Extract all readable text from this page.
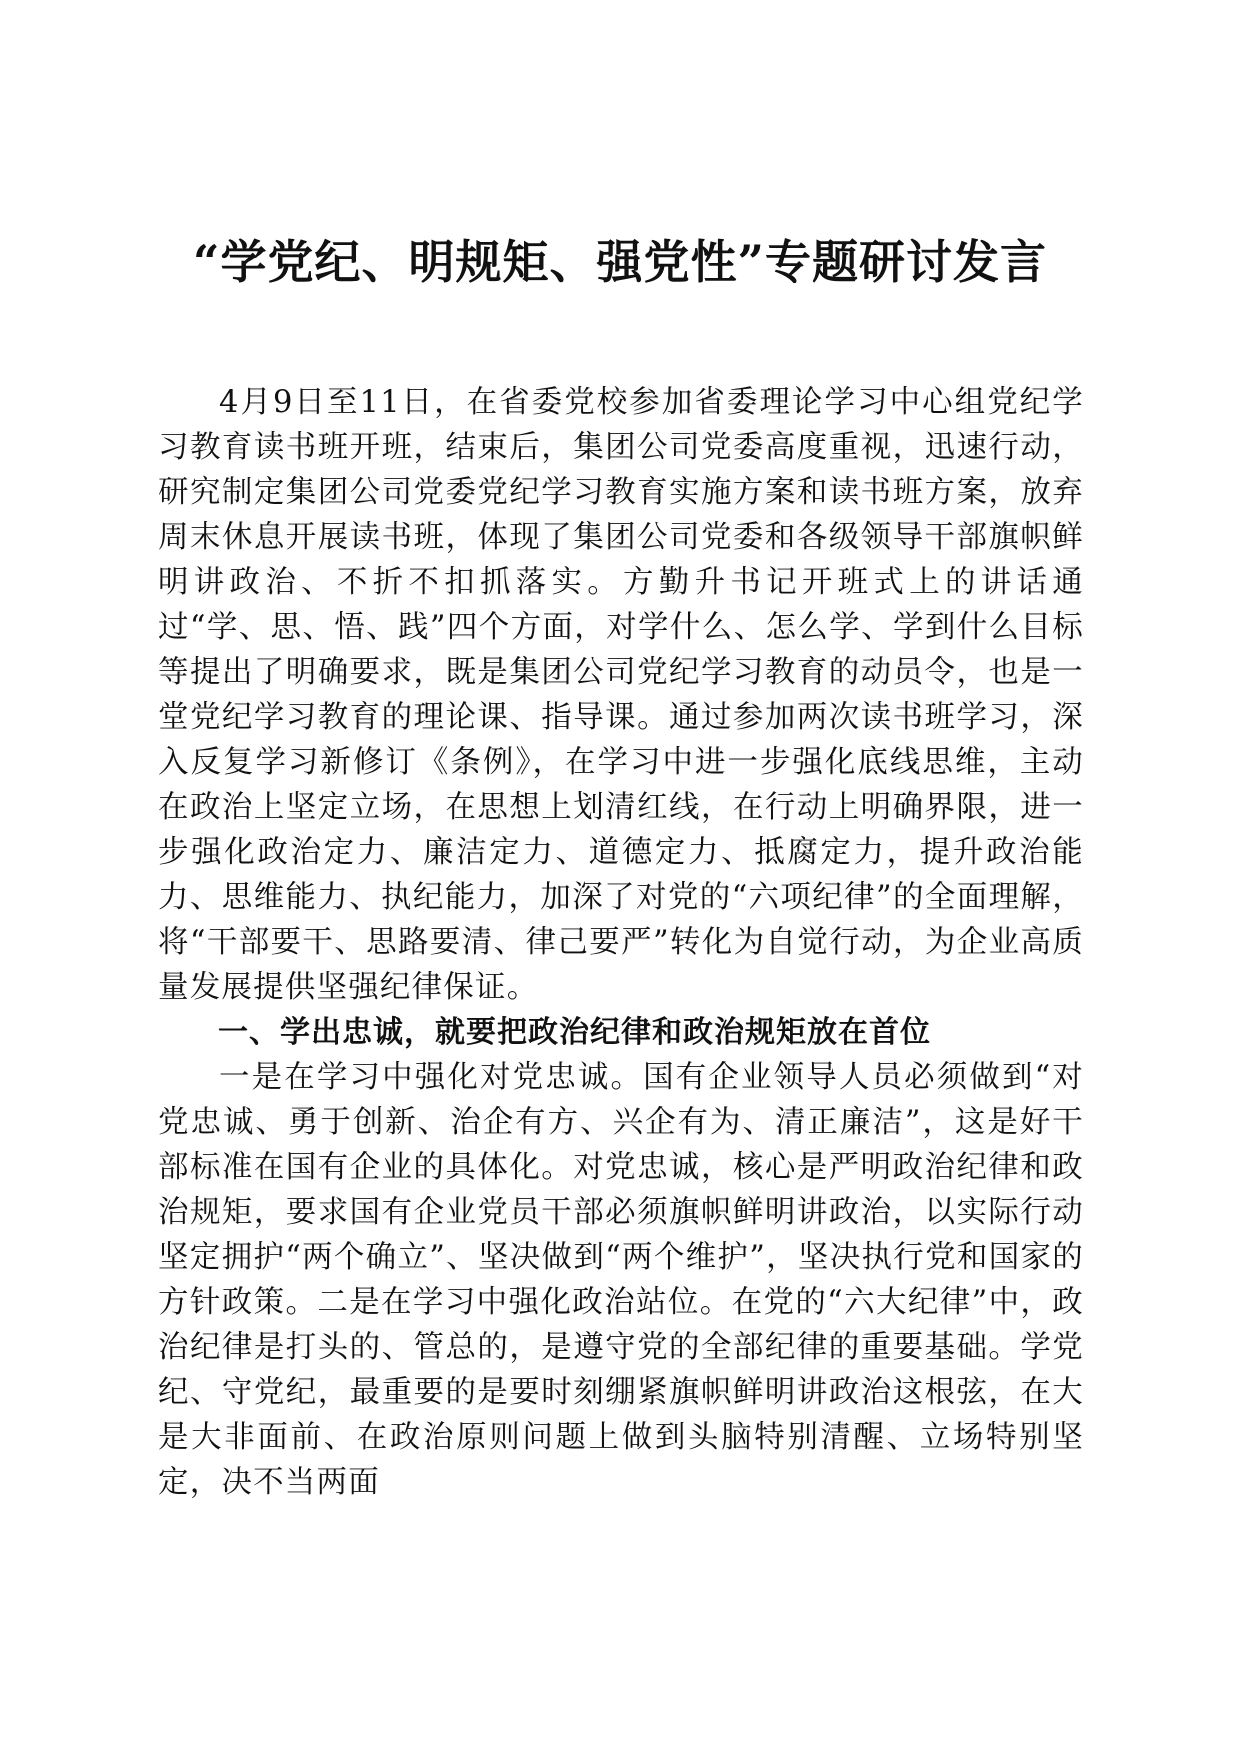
“学党纪、明规矩、强党性”专题研讨发言

4月9日至11日，在省委党校参加省委理论学习中心组党纪学习教育读书班开班，结束后，集团公司党委高度重视，迅速行动，研究制定集团公司党委党纪学习教育实施方案和读书班方案，放弃周末休息开展读书班，体现了集团公司党委和各级领导干部旗帜鲜明讲政治、不折不扣抓落实。方勤升书记开班式上的讲话通过“学、思、悟、践”四个方面，对学什么、怎么学、学到什么目标等提出了明确要求，既是集团公司党纪学习教育的动员令，也是一堂党纪学习教育的理论课、指导课。通过参加两次读书班学习，深入反复学习新修订《条例》，在学习中进一步强化底线思维，主动在政治上坚定立场，在思想上划清红线，在行动上明确界限，进一步强化政治定力、廉洁定力、道德定力、抵腐定力，提升政治能力、思维能力、执纪能力，加深了对党的“六项纪律”的全面理解，将“干部要干、思路要清、律己要严”转化为自觉行动，为企业高质量发展提供坚强纪律保证。

一、学出忠诚，就要把政治纪律和政治规矩放在首位

一是在学习中强化对党忠诚。国有企业领导人员必须做到“对党忠诚、勇于创新、治企有方、兴企有为、清正廉洁”，这是好干部标准在国有企业的具体化。对党忠诚，核心是严明政治纪律和政治规矩，要求国有企业党员干部必须旗帜鲜明讲政治，以实际行动坚定拥护“两个确立”、坚决做到“两个维护”，坚决执行党和国家的方针政策。二是在学习中强化政治站位。在党的“六大纪律”中，政治纪律是打头的、管总的，是遵守党的全部纪律的重要基础。学党纪、守党纪，最重要的是要时刻绷紧旗帜鲜明讲政治这根弦，在大是大非面前、在政治原则问题上做到头脑特别清醒、立场特别坚定，决不当两面
